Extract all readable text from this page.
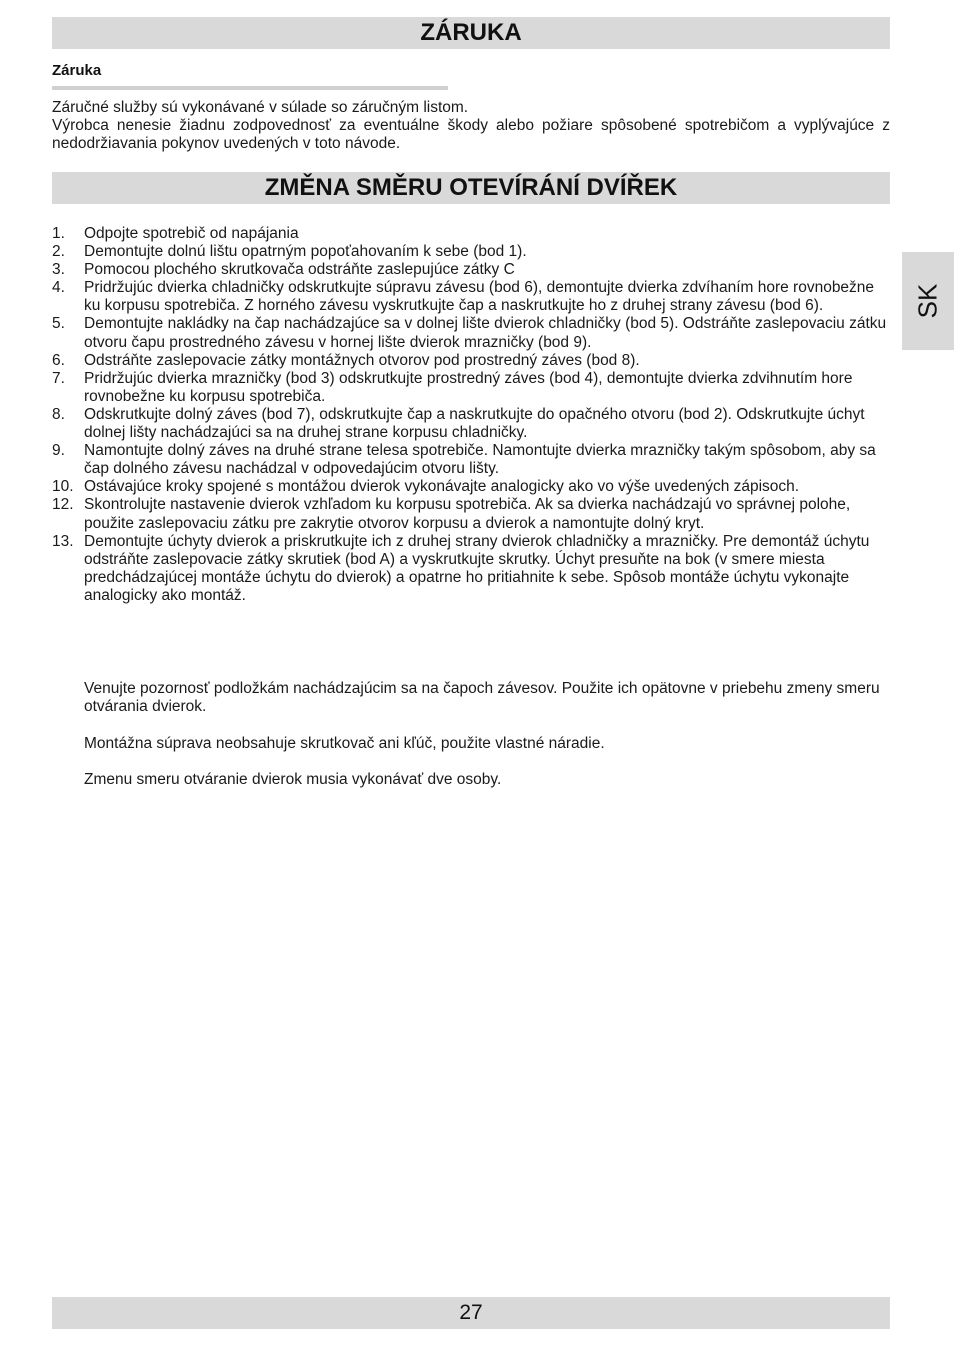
ZÁRUKA
Záruka

Záručné služby sú vykonávané v súlade so záručným listom.

Výrobca nenesie žiadnu zodpovednosť za eventuálne škody alebo požiare spôsobené spotrebičom a vyplývajúce z nedodržiavania pokynov uvedených v toto návode.

ZMĚNA SMĚRU OTEVÍRÁNÍ DVÍŘEK
1.	Odpojte spotrebič od napájania
2.	Demontujte dolnú lištu opatrným popoťahovaním k sebe (bod 1).
3.	Pomocou plochého skrutkovača odstráňte zaslepujúce zátky C
4.	Pridržujúc dvierka chladničky odskrutkujte súpravu závesu (bod 6), demontujte dvierka zdvíhaním hore rovnobežne ku korpusu spotrebiča. Z horného závesu vyskrutkujte čap a naskrutkujte ho z druhej strany závesu (bod 6).
5.	Demontujte nakládky na čap nachádzajúce sa v dolnej lište dvierok chladničky (bod 5). Odstráňte zaslepovaciu zátku otvoru čapu prostredného závesu v hornej lište dvierok mrazničky (bod 9).
6.	Odstráňte zaslepovacie zátky montážnych otvorov pod prostredný záves (bod 8).
7.	Pridržujúc dvierka mrazničky (bod 3) odskrutkujte prostredný záves (bod 4), demontujte dvierka zdvihnutím hore rovnobežne ku korpusu spotrebiča.
8.	Odskrutkujte dolný záves (bod 7), odskrutkujte čap a naskrutkujte do opačného otvoru (bod 2). Odskrutkujte úchyt dolnej lišty nachádzajúci sa na druhej strane korpusu chladničky.
9.	Namontujte dolný záves na druhé strane telesa spotrebiče. Namontujte dvierka mrazničky takým spôsobom, aby sa čap dolného závesu nachádzal v odpovedajúcim otvoru lišty.
10. Ostávajúce kroky spojené s montážou dvierok vykonávajte analogicky ako vo výše uvedených zápisoch.
12. Skontrolujte nastavenie dvierok vzhľadom ku korpusu spotrebiča. Ak sa dvierka nachádzajú vo správnej polohe, použite zaslepovaciu zátku pre zakrytie otvorov korpusu a dvierok a namontujte dolný kryt.
13. Demontujte úchyty dvierok a priskrutkujte ich z druhej strany dvierok chladničky a mrazničky. Pre demontáž úchytu odstráňte zaslepovacie zátky skrutiek (bod A) a vyskrutkujte skrutky. Úchyt presuňte na bok (v smere miesta predchádzajúcej montáže úchytu do dvierok) a opatrne ho pritiahnite k sebe. Spôsob montáže úchytu vykonajte analogicky ako montáž.

Venujte pozornosť podložkám nachádzajúcim sa na čapoch závesov. Použite ich opätovne v priebehu zmeny smeru otvárania dvierok.

Montážna súprava neobsahuje skrutkovač ani kľúč, použite vlastné náradie.

Zmenu smeru otváranie dvierok musia vykonávať dve osoby.

SK
27
